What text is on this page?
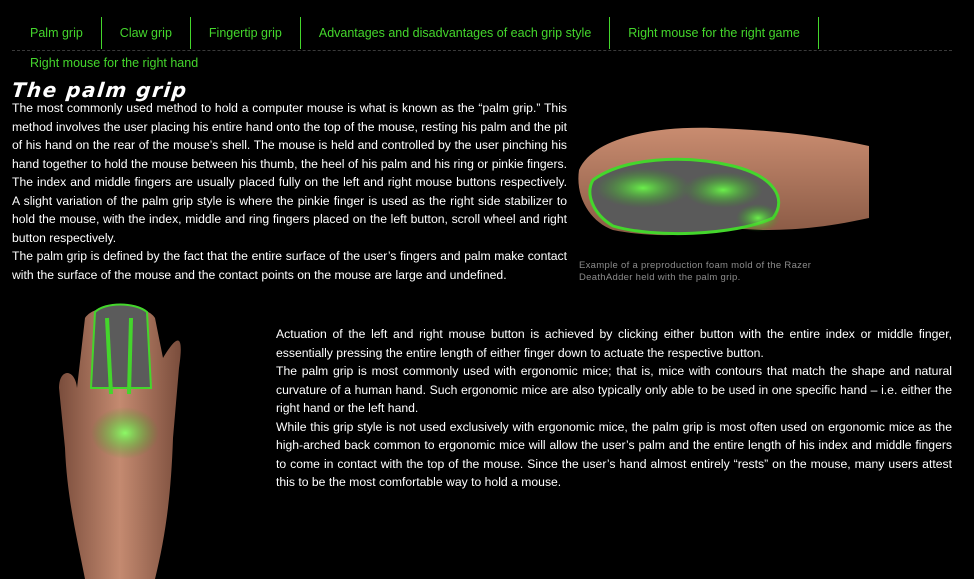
Palm grip	Claw grip	Fingertip grip	Advantages and disadvantages of each grip style	Right mouse for the right game
Right mouse for the right hand
The palm grip

The most commonly used method to hold a computer mouse is what is known as the “palm grip.” This method involves the user placing his entire hand onto the top of the mouse, resting his palm and the pit of his hand on the rear of the mouse’s shell. The mouse is held and controlled by the user pinching his hand together to hold the mouse between his thumb, the heel of his palm and his ring or pinkie fingers. The index and middle fingers are usually placed fully on the left and right mouse buttons respectively. A slight variation of the palm grip style is where the pinkie finger is used as the right side stabilizer to hold the mouse, with the index, middle and ring fingers placed on the left button, scroll wheel and right button respectively.

The palm grip is defined by the fact that the entire surface of the user’s fingers and palm make contact with the surface of the mouse and the contact points on the mouse are large and undefined.

Example of a preproduction foam mold of the Razer DeathAdder held with the palm grip.

Actuation of the left and right mouse button is achieved by clicking either button with the entire index or middle finger, essentially pressing the entire length of either finger down to actuate the respective button.

The palm grip is most commonly used with ergonomic mice; that is, mice with contours that match the shape and natural curvature of a human hand. Such ergonomic mice are also typically only able to be used in one specific hand – i.e. either the right hand or the left hand.

While this grip style is not used exclusively with ergonomic mice, the palm grip is most often used on ergonomic mice as the high-arched back common to ergonomic mice will allow the user’s palm and the entire length of his index and middle fingers to come in contact with the top of the mouse. Since the user’s hand almost entirely “rests” on the mouse, many users attest this to be the most comfortable way to hold a mouse.
